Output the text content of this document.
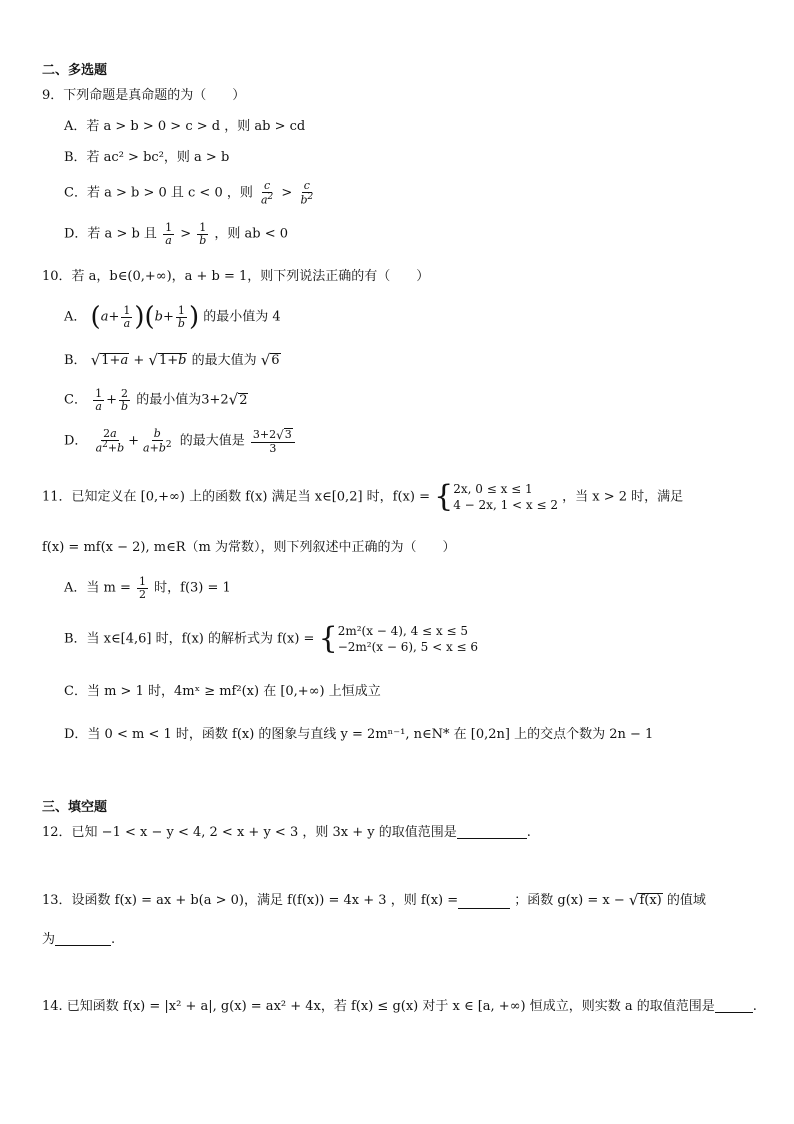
二、多选题
9．下列命题是真命题的为（　　）
A．若 a > b > 0 > c > d ，则 ab > cd
B．若 ac² > bc²，则 a > b
C．若 a > b > 0 且 c < 0 ，则 $\frac{c}{a^2} > \frac{c}{b^2}$
D．若 a > b 且 $\frac{1}{a} > \frac{1}{b}$ ，则 ab < 0
10．若 a，b∈(0,+∞)，a + b = 1，则下列说法正确的有（　　）
A． $(a+ \frac{1}{a} )(b+ \frac{1}{b}$ ) 的最小值为 4
B． √1+a + √1+b 的最大值为 √6
C． $\frac{1}{a} + \frac{2}{b}$ 的最小值为3+2√2
D． $\frac{2a}{a^2+b} + \frac{b}{a+b^2}$ 的最大值是 $\frac{3+2√3}{3}$
11．已知定义在 [0,+∞) 上的函数 f(x) 满足当 x∈[0,2] 时，f(x) = { 2x, 0 ≤ x ≤ 1
4 − 2x, 1 < x ≤ 2
，当 x > 2 时，满足
f(x) = mf(x − 2), m∈R（m 为常数），则下列叙述中正确的为（　　）
A．当 $m = \frac{1}{2}$ 时，f(3) = 1
B．当 x∈[4,6] 时，f(x) 的解析式为 f(x) = { 2m²(x − 4), 4 ≤ x ≤ 5
−2m²(x − 6), 5 < x ≤ 6
C．当 m > 1 时，4mˣ ≥ mf²(x) 在 [0,+∞) 上恒成立
D．当 0 < m < 1 时，函数 f(x) 的图象与直线 y = 2mⁿ⁻¹, n∈N* 在 [0,2n] 上的交点个数为 2n − 1
三、填空题
12．已知 −1 < x − y < 4, 2 < x + y < 3 ，则 3x + y 的取值范围是	.
13．设函数 f(x) = ax + b(a > 0)，满足 f(f(x)) = 4x + 3 ，则 f(x) =	；函数 g(x) = x − √f(x) 的值域
为	.
14. 已知函数 f(x) = |x² + a|, g(x) = ax² + 4x，若 f(x) ≤ g(x) 对于 x ∈ [a, +∞) 恒成立，则实数 a 的取值范围是	.
